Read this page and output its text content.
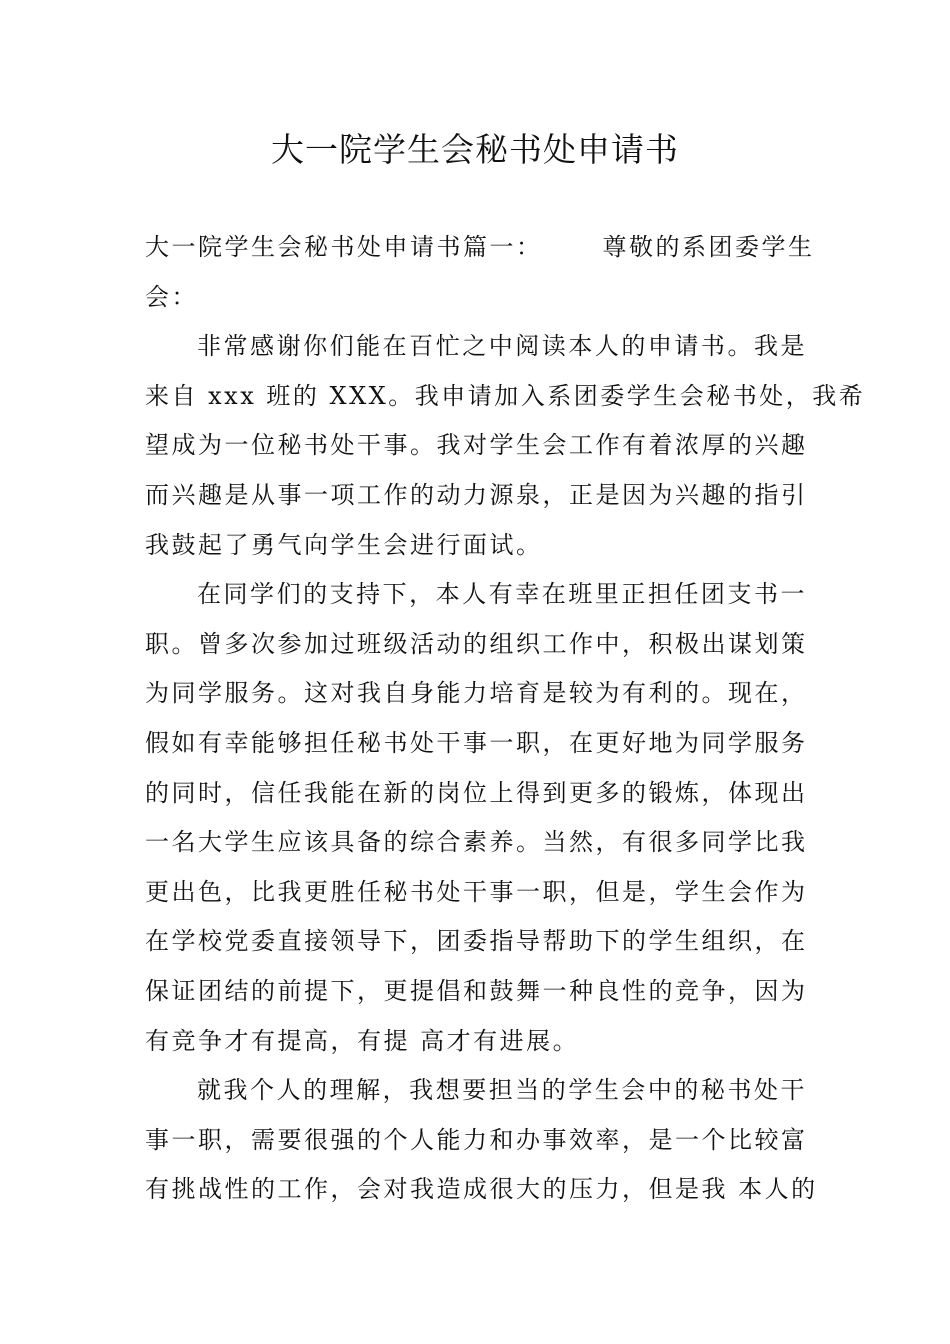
大一院学生会秘书处申请书
大一院学生会秘书处申请书篇一：	尊敬的系团委学生
会：
非常感谢你们能在百忙之中阅读本人的申请书。我是
来自 xxx 班的 XXX。我申请加入系团委学生会秘书处，我希
望成为一位秘书处干事。我对学生会工作有着浓厚的兴趣
而兴趣是从事一项工作的动力源泉，正是因为兴趣的指引
我鼓起了勇气向学生会进行面试。
在同学们的支持下，本人有幸在班里正担任团支书一
职。曾多次参加过班级活动的组织工作中，积极出谋划策
为同学服务。这对我自身能力培育是较为有利的。现在，
假如有幸能够担任秘书处干事一职，在更好地为同学服务
的同时，信任我能在新的岗位上得到更多的锻炼，体现出
一名大学生应该具备的综合素养。当然，有很多同学比我
更出色，比我更胜任秘书处干事一职，但是，学生会作为
在学校党委直接领导下，团委指导帮助下的学生组织，在
保证团结的前提下，更提倡和鼓舞一种良性的竞争，因为
有竞争才有提高，有提 高才有进展。
就我个人的理解，我想要担当的学生会中的秘书处干
事一职，需要很强的个人能力和办事效率，是一个比较富
有挑战性的工作，会对我造成很大的压力，但是我 本人的
